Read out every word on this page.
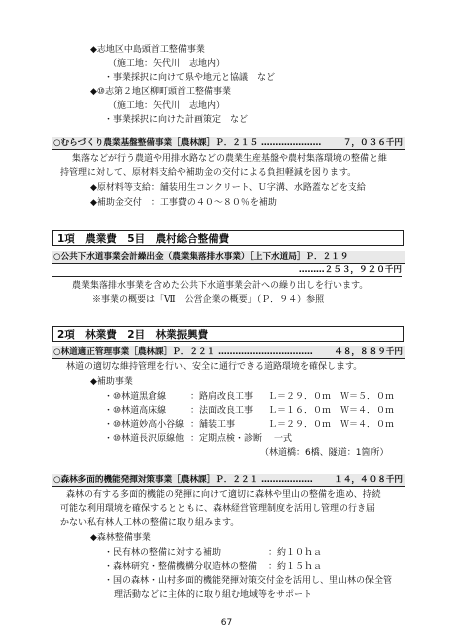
◆志地区中島頭首工整備事業
（施工地：矢代川　志地内）
・事業採択に向けて県や地元と協議　など
◆⑩志第２地区柳町頭首工整備事業
（施工地：矢代川　志地内）
・事業採択に向けた計画策定　など
○むらづくり農業基盤整備事業［農林課］Ｐ．２１５ …………………	７，０３６千円
集落などが行う農道や用排水路などの農業生産基盤や農村集落環境の整備と維
持管理に対して、原材料支給や補助金の交付による負担軽減を図ります。
◆原材料等支給：舗装用生コンクリート、Ｕ字溝、水路蓋などを支給
◆補助金交付　：工事費の４０～８０％を補助
1項　農業費　5目　農村総合整備費
○公共下水道事業会計繰出金（農業集落排水事業）［上下水道局］Ｐ．２１９
………２５３，９２０千円
農業集落排水事業を含めた公共下水道事業会計への繰り出しを行います。
※事業の概要は「Ⅶ　公営企業の概要」（Ｐ．９４）参照
2項　林業費　2目　林業振興費
○林道適正管理事業［農林課］Ｐ．２２１ ……………………………	４８，８８９千円
林道の適切な維持管理を行い、安全に通行できる道路環境を確保します。
◆補助事業
・⑩林道黒倉線	：路肩改良工事 Ｌ＝２９．０ｍ　Ｗ＝５．０ｍ
・⑩林道高床線	：法面改良工事 Ｌ＝１６．０ｍ　Ｗ＝４．０ｍ
・⑩林道妙高小谷線 ：舗装工事	Ｌ＝２９．０ｍ　Ｗ＝４．０ｍ
・⑩林道長沢原線他 ：定期点検・診断 一式
（林道橋：6橋、隧道：1箇所）
○森林多面的機能発揮対策事業［農林課］Ｐ．２２１ ………………	１４，４０８千円
森林の有する多面的機能の発揮に向けて適切に森林や里山の整備を進め、持続
可能な利用環境を確保するとともに、森林経営管理制度を活用し管理の行き届
かない私有林人工林の整備に取り組みます。
◆森林整備事業
・民有林の整備に対する補助	：約１０ｈａ
・森林研究・整備機構分収造林の整備 ：約１５ｈａ
・国の森林・山村多面的機能発揮対策交付金を活用し、里山林の保全管
理活動などに主体的に取り組む地域等をサポート
67
